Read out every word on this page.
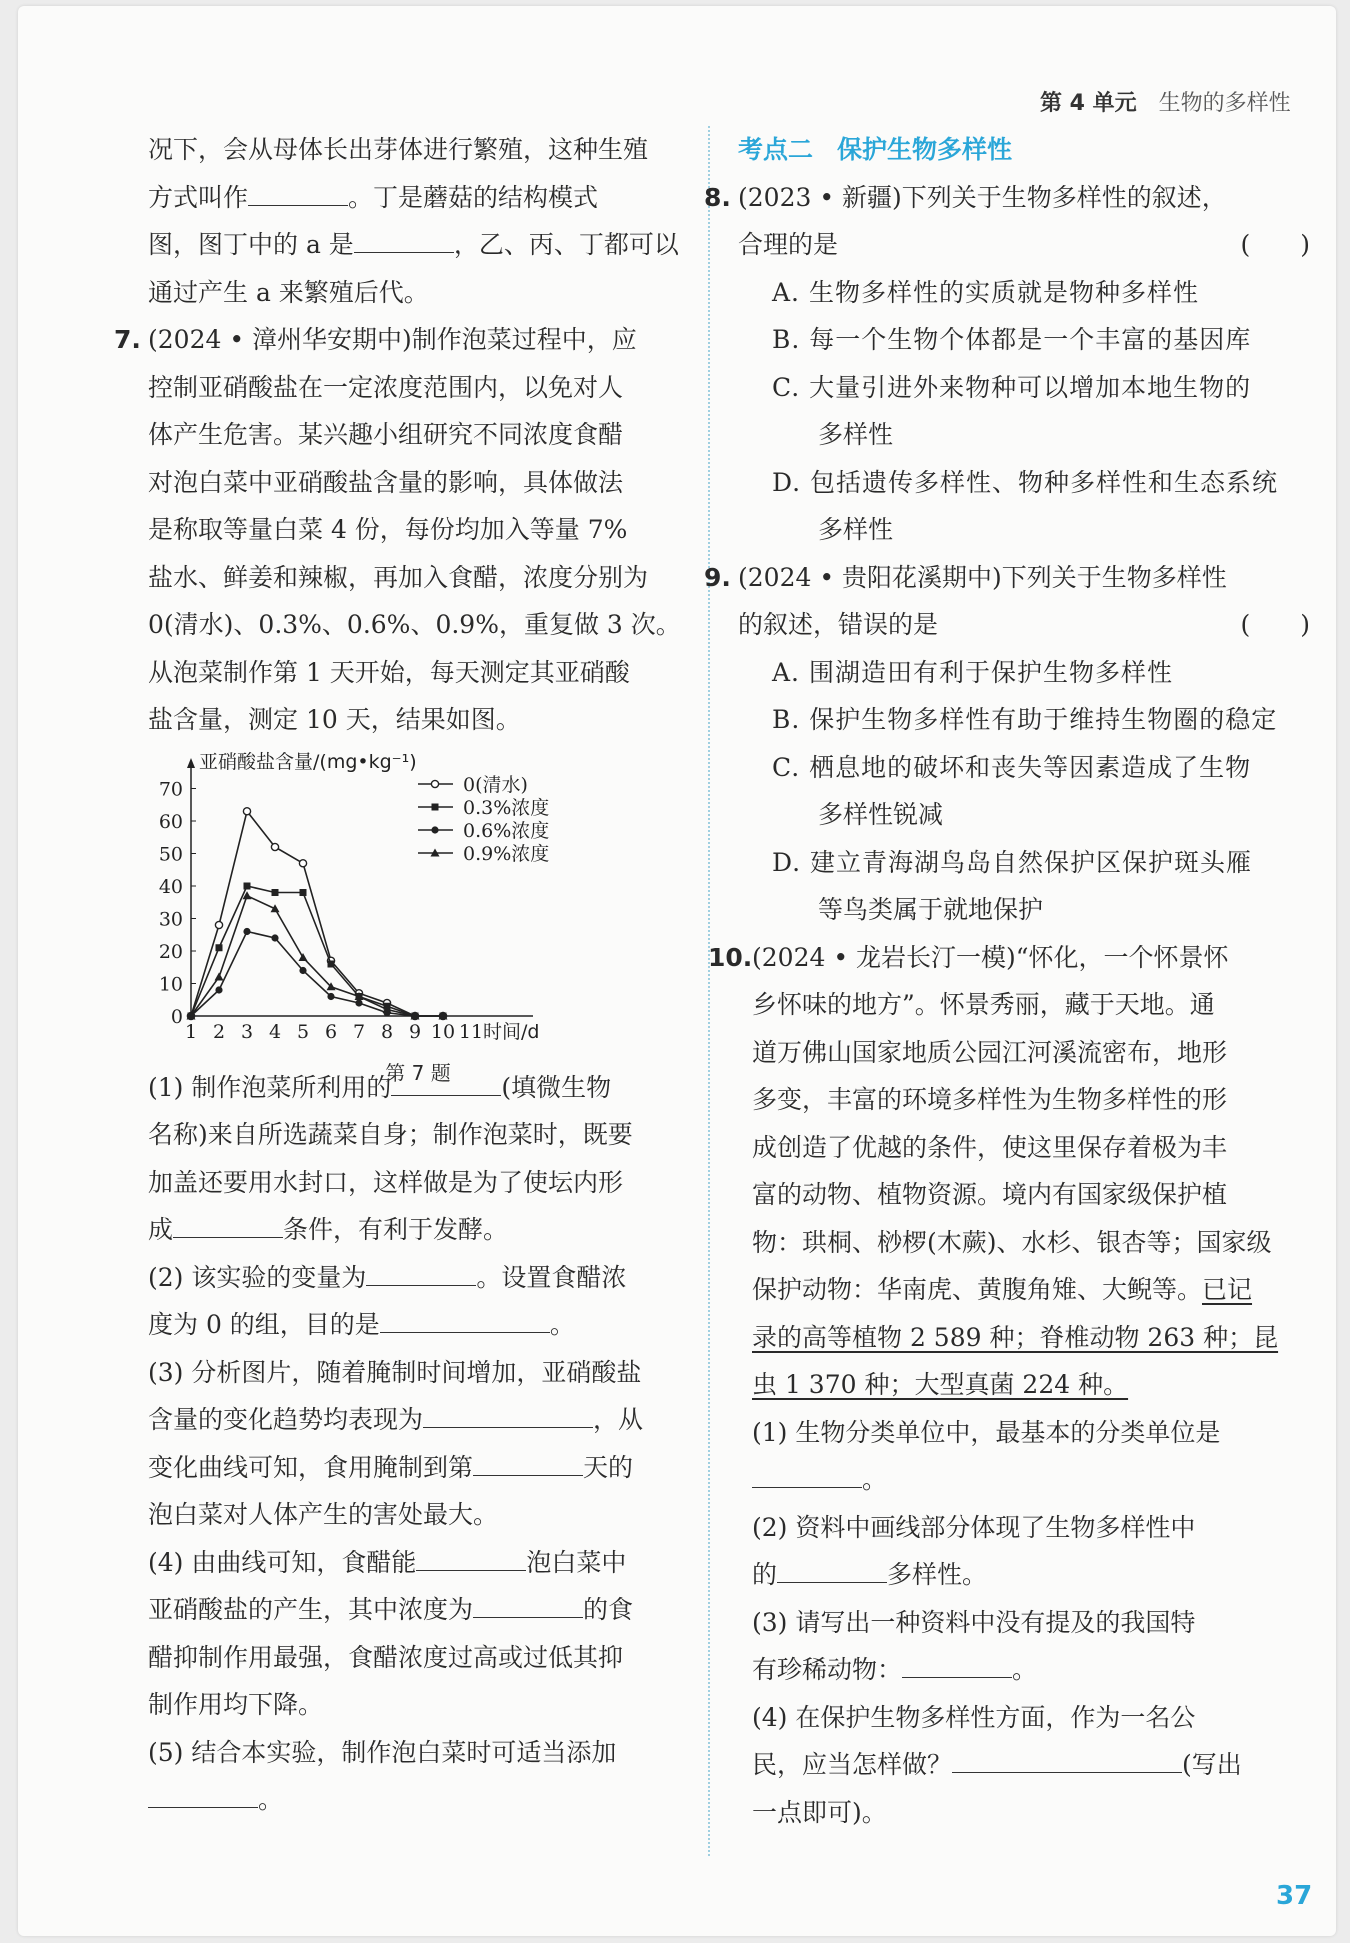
第 4 单元 生物的多样性

况下，会从母体长出芽体进行繁殖，这种生殖

方式叫作	。丁是蘑菇的结构模式

图，图丁中的 a 是	，乙、丙、丁都可以

通过产生 a 来繁殖后代。

7. (2024 • 漳州华安期中)制作泡菜过程中，应

控制亚硝酸盐在一定浓度范围内，以免对人

体产生危害。某兴趣小组研究不同浓度食醋

对泡白菜中亚硝酸盐含量的影响，具体做法

是称取等量白菜 4 份，每份均加入等量 7%

盐水、鲜姜和辣椒，再加入食醋，浓度分别为

0(清水)、0.3%、0.6%、0.9%，重复做 3 次。

从泡菜制作第 1 天开始，每天测定其亚硝酸

盐含量，测定 10 天，结果如图。

亚硝酸盐含量/(mg•kg⁻¹)
0
10
20
30
40
50
60
70
1 2 3 4 5 6 7 8 9 10 11 时间/d
0(清水)
0.3%浓度
0.6%浓度
0.9%浓度
第 7 题

(1) 制作泡菜所利用的	(填微生物

名称)来自所选蔬菜自身；制作泡菜时，既要

加盖还要用水封口，这样做是为了使坛内形

成	条件，有利于发酵。

(2) 该实验的变量为	。设置食醋浓

度为 0 的组，目的是	。

(3) 分析图片，随着腌制时间增加，亚硝酸盐

含量的变化趋势均表现为	，从

变化曲线可知，食用腌制到第	天的

泡白菜对人体产生的害处最大。

(4) 由曲线可知，食醋能	泡白菜中

亚硝酸盐的产生，其中浓度为	的食

醋抑制作用最强，食醋浓度过高或过低其抑

制作用均下降。

(5) 结合本实验，制作泡白菜时可适当添加

。

考点二 保护生物多样性

8. (2023 • 新疆)下列关于生物多样性的叙述，

合理的是	(　　)

A. 生物多样性的实质就是物种多样性

B. 每一个生物个体都是一个丰富的基因库

C. 大量引进外来物种可以增加本地生物的

多样性

D. 包括遗传多样性、物种多样性和生态系统

多样性

9. (2024 • 贵阳花溪期中)下列关于生物多样性

的叙述，错误的是	(　　)

A. 围湖造田有利于保护生物多样性

B. 保护生物多样性有助于维持生物圈的稳定

C. 栖息地的破坏和丧失等因素造成了生物

多样性锐减

D. 建立青海湖鸟岛自然保护区保护斑头雁

等鸟类属于就地保护

10.(2024 • 龙岩长汀一模)“怀化，一个怀景怀

乡怀味的地方”。怀景秀丽，藏于天地。通

道万佛山国家地质公园江河溪流密布，地形

多变，丰富的环境多样性为生物多样性的形

成创造了优越的条件，使这里保存着极为丰

富的动物、植物资源。境内有国家级保护植

物：珙桐、桫椤(木蕨)、水杉、银杏等；国家级

保护动物：华南虎、黄腹角雉、大鲵等。已记

录的高等植物 2 589 种；脊椎动物 263 种；昆

虫 1 370 种；大型真菌 224 种。

(1) 生物分类单位中，最基本的分类单位是

。

(2) 资料中画线部分体现了生物多样性中

的	多样性。

(3) 请写出一种资料中没有提及的我国特

有珍稀动物：	。

(4) 在保护生物多样性方面，作为一名公

民，应当怎样做？	(写出

一点即可)。

37
